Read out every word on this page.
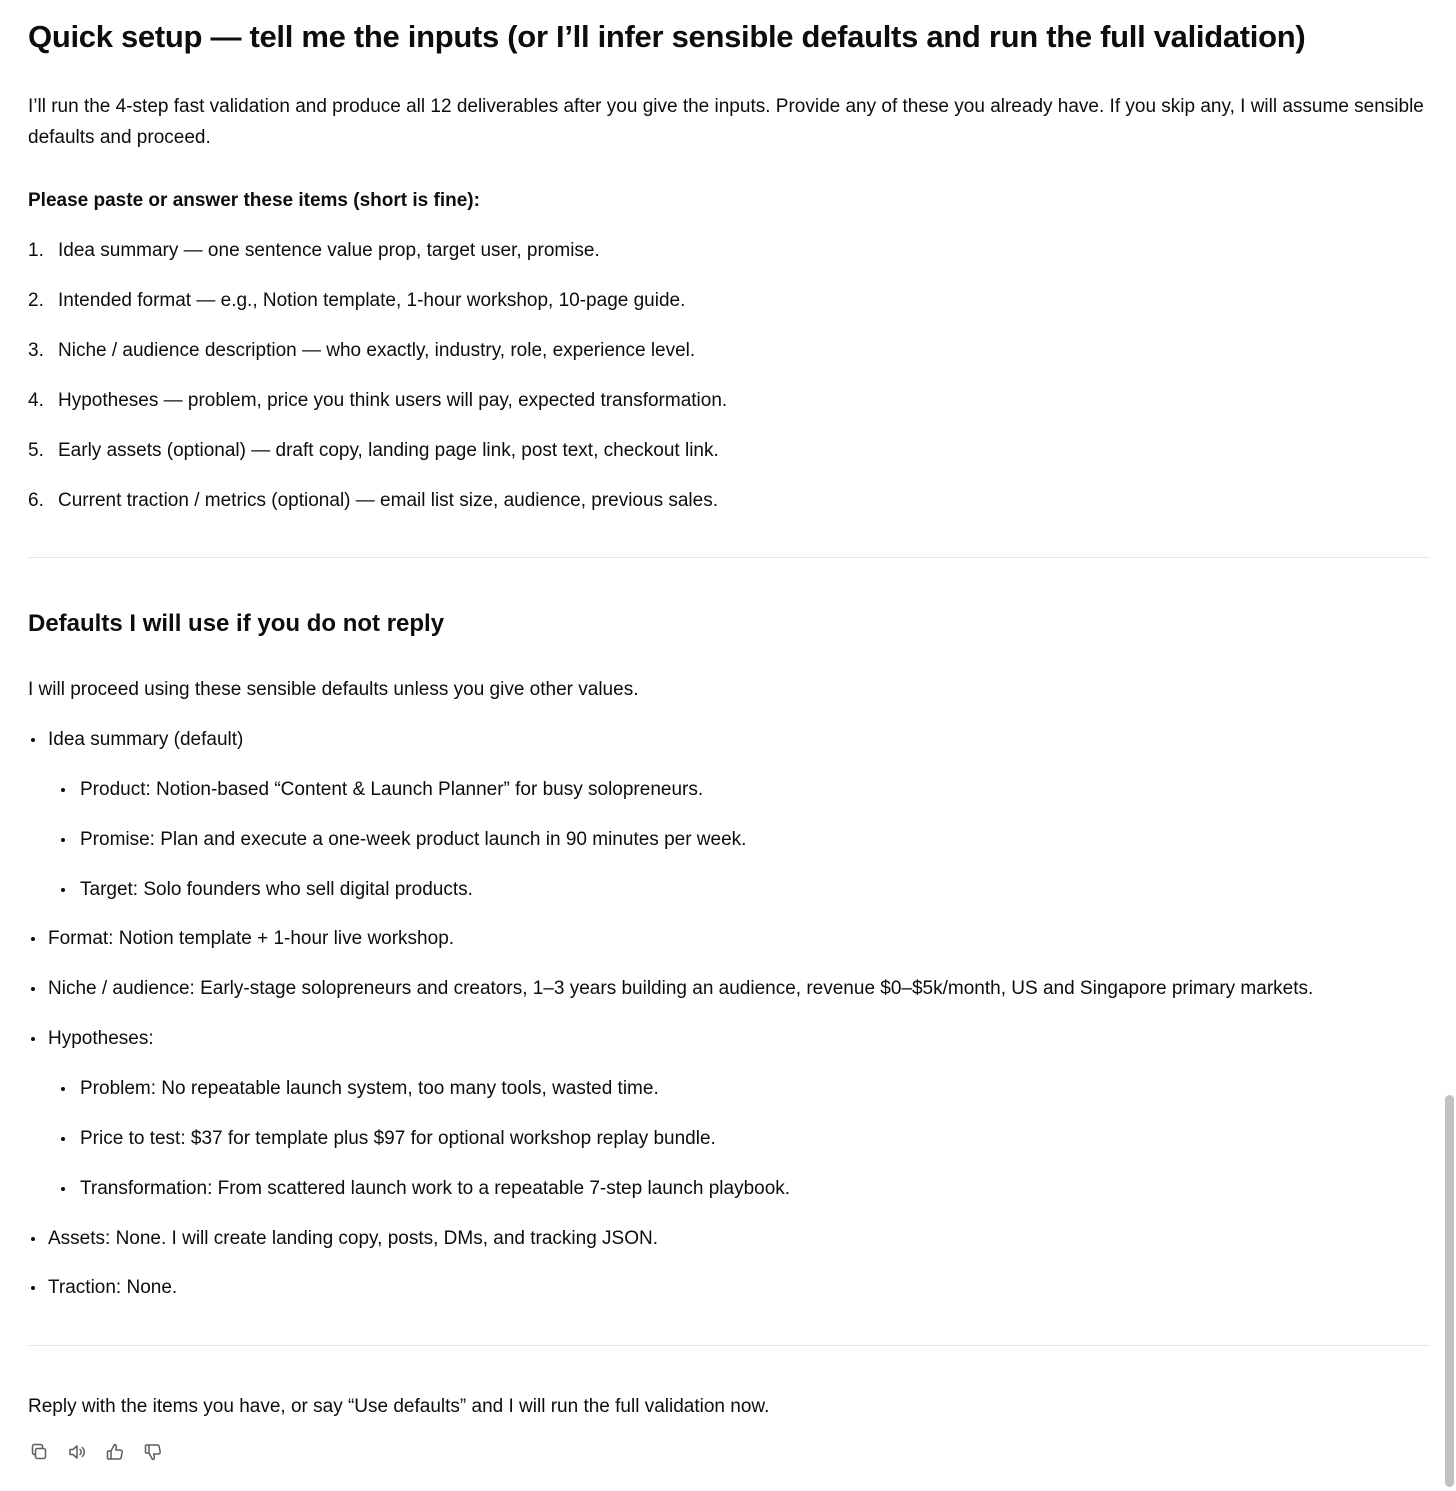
Quick setup — tell me the inputs (or I’ll infer sensible defaults and run the full validation)
I’ll run the 4-step fast validation and produce all 12 deliverables after you give the inputs. Provide any of these you already have. If you skip any, I will assume sensible defaults and proceed.
Please paste or answer these items (short is fine):
1. Idea summary — one sentence value prop, target user, promise.
2. Intended format — e.g., Notion template, 1-hour workshop, 10-page guide.
3. Niche / audience description — who exactly, industry, role, experience level.
4. Hypotheses — problem, price you think users will pay, expected transformation.
5. Early assets (optional) — draft copy, landing page link, post text, checkout link.
6. Current traction / metrics (optional) — email list size, audience, previous sales.
Defaults I will use if you do not reply
I will proceed using these sensible defaults unless you give other values.
Idea summary (default)
Product: Notion-based “Content & Launch Planner” for busy solopreneurs.
Promise: Plan and execute a one-week product launch in 90 minutes per week.
Target: Solo founders who sell digital products.
Format: Notion template + 1-hour live workshop.
Niche / audience: Early-stage solopreneurs and creators, 1–3 years building an audience, revenue $0–$5k/month, US and Singapore primary markets.
Hypotheses:
Problem: No repeatable launch system, too many tools, wasted time.
Price to test: $37 for template plus $97 for optional workshop replay bundle.
Transformation: From scattered launch work to a repeatable 7-step launch playbook.
Assets: None. I will create landing copy, posts, DMs, and tracking JSON.
Traction: None.
Reply with the items you have, or say “Use defaults” and I will run the full validation now.
